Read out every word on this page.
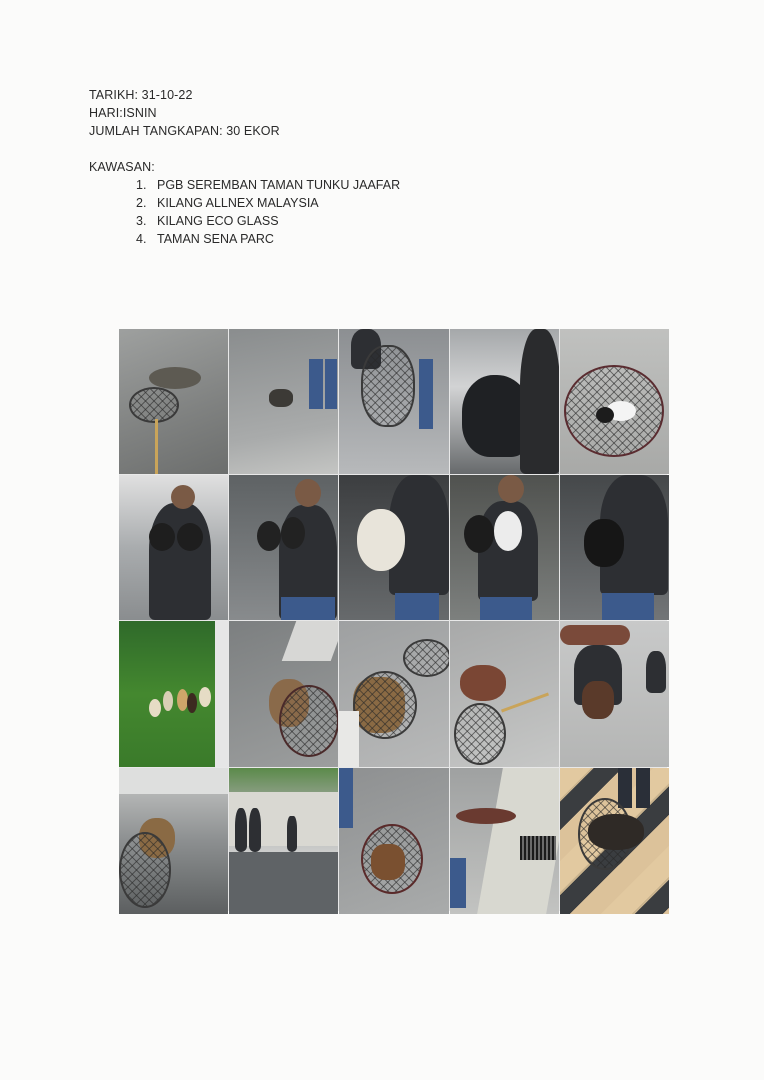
TARIKH: 31-10-22
HARI:ISNIN
JUMLAH TANGKAPAN: 30 EKOR
KAWASAN:
1. PGB SEREMBAN TAMAN TUNKU JAAFAR
2. KILANG ALLNEX MALAYSIA
3. KILANG ECO GLASS
4. TAMAN SENA PARC
